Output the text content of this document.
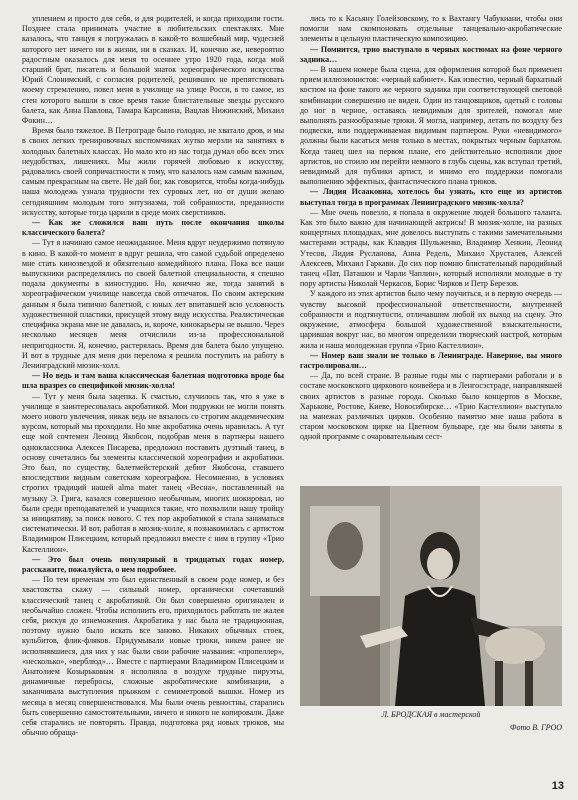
уплением и просто для себя, и для родителей, и когда приходили гости. Позднее стала принимать участие в любительских спектаклях. Мне казалось, что танцуя я погружалась в какой-то волшебный мир, чудесней которого нет ничего ни в жизни, ни в сказках. И, конечно же, невероятно радостным оказалось для меня то осеннее утро 1920 года, когда мой старший брат, писатель и большой знаток хореографического искусства Юрий Слонимский, с согласия родителей, решивших не препятствовать моему стремлению, повел меня в училище на улице Росси, в то самое, из стен которого вышли в свое время такие блистательные звезды русского балета, как Анна Павлова, Тамара Карсавина, Вацлав Нижинский, Михаил Фокин…

Время было тяжелое. В Петрограде было голодно, не хватало дров, и мы в своих легких тренировочных костюмчиках жутко мерзли на занятиях в холодных балетных классах. Но мало кто из нас тогда думал обо всех этих неудобствах, лишениях. Мы жили горячей любовью к искусству, радовались своей сопричастности к тому, что казалось нам самым важным, самым прекрасным на свете. Не дай бог, как говорится, чтобы когда-нибудь наша молодежь узнала трудности тех суровых лет, но от души желаю сегодняшним молодым того энтузиазма, той собранности, преданности искусству, которые тогда царили в среде моих сверстников.

— Как же сложился ваш путь после окончания школы классического балета?

— Тут я начинаю самое неожиданное. Меня вдруг неудержимо потянуло в кино. В какой-то момент я вдруг решила, что самой судьбой определено мне стать кинозвездой и обязательно комедийного плана. Пока все наши выпускники распределялись по своей балетной специальности, я спешно подала документы в киностудию. Но, конечно же, тогда занятий в хореографическом училище навсегда свой отпечаток. По своим актерским данным я была типично балетной, с юных лет впитавшей всю условность художественной пластики, присущей этому виду искусства. Реалистическая специфика экрана мне не давалась, и, короче, кинокарьеры не вышло. Через несколько месяцев меня отчислили из-за профессиональной непригодности. Я, конечно, растерялась. Время для балета было упущено. И вот в трудные для меня дни перелома я решила поступить на работу в Ленинградский мюзик-холл.

— Но ведь и там ваша классическая балетная подготовка вроде бы шла вразрез со спецификой мюзик-холла!

— Тут у меня была зацепка. К счастью, случилось так, что я уже в училище я заинтересовалась акробатикой. Мои подружки не могли понять моего нового увлечения, никак ведь не вязалось со строгим академическим курсом, который мы проходили. Но мне акробатика очень нравилась. А тут еще мой сочтемен Леонид Якобсон, подобрав меня в партнеры нашего одноклассника Алексея Писарева, предложил поставить дуэтный танец, в основу сочетались бы элементы классической хореографии и акробатики. Это был, по существу, балетмейстерский дебют Якобсона, ставшего впоследствии видным советским хореографом. Несомненно, в условиях строгих традиций нашей alma mater танец «Весна», поставленный на музыку Э. Грига, казался совершенно необычным, многих шокировал, но были среди преподавателей и учащихся такие, что похвалили нашу тройцу за инициативу, за поиск нового. С тех пор акробатикой я стала заниматься систематически. И вот, работая в мюзик-холле, я познакомилась с артистом Владимиром Плисецким, который предложил вместе с ним в группу «Трио Кастеллион».

— Это был очень популярный в тридцатых годах номер, расскажите, пожалуйста, о нем подробнее.

— По тем временам это был единственный в своем роде номер, и без хвастовства скажу — сильный номер, органически сочетавший классический танец с акробатикой. Он был совершенно оригинален и необычайно сложен. Чтобы исполнить его, приходилось работать не жалея себя, рискуя до изнеможения. Акробатика у нас была не традиционная, поэтому нужно было искать все заново. Никаких обычных стоек, кульбитов, флик-фляков. Придумывали новые трюки, никем ранее не исполнявшиеся, для них у нас были свои рабочие названия: «пропеллер», «несколько», «верблюд»… Вместе с партнерами Владимиром Плисецким и Анатолием Козырьковым я исполняла в воздухе трудные пируэты, динамичные перебросы, сложные акробатические комбинации, а заканчивала выступления прыжком с семиметровой вышки. Номер из месяца в месяц совершенствовался. Мы были очень ревностны, старались быть совершенно самостоятельными, ничего и никого не копировали. Даже себя старались не повторять. Правда, подготовка ряд новых трюков, мы обычно обраща-

лись то к Касьяну Голейзовскому, то к Вахтангу Чабукиани, чтобы они помогли нам скомпоновать отдельные танцевально-акробатические элементы в цельную пластическую композицию.

— Помнится, трио выступало в черных костюмах на фоне черного задника…

— В нашем номере была сцена, для оформления которой был применен прием иллюзионистов: «черный кабинет». Как известно, черный бархатный костюм на фоне такого же черного задника при соответствующей световой комбинации совершенно не виден. Один из танцовщиков, одетый с головы до ног в черное, оставаясь невидимым для зрителей, помогал мне выполнять разнообразные трюки. Я могла, например, летать по воздуху без подвески, или поддерживаемая видимым партнером. Руки «невидимого» должны были касаться меня только в местах, покрытых черным бархатом. Когда танец шел на первом плане, его действительно исполняли двое артистов, но стоило им перейти немного в глубь сцены, как вступал третий, невидимый для публики артист, и мнимо его поддержки помогали выполнению эффектных, фантастического плана трюков.

— Лидия Исааковна, хотелось бы узнать, кто еще из артистов выступал тогда в программах Ленинградского мюзик-холла?

— Мне очень повезло, я попала в окружение людей большого таланта. Как это было важно для начинающей актрисы! В мюзик-холле, на разных концертных площадках, мне довелось выступать с такими замечательными мастерами эстрады, как Клавдия Шульженко, Владимир Хенкин, Леонид Утесов, Лидия Русланова, Анна Редель, Михаил Хрусталев, Алексей Алексеев, Михаил Гаркави. До сих пор помню блистательный пародийный танец «Пат, Паташон и Чарли Чаплин», который исполняли молодые в ту пору артисты Николай Черкасов, Борис Чирков и Петр Березов.

У каждого из этих артистов было чему поучиться, и в первую очередь — чувству высокой профессиональной ответственности, внутренней собранности и подтянутости, отличавшим любой их выход на сцену. Это окружение, атмосфера большой художественной взыскательности, царившая вокруг нас, во многом определили творческий настрой, которым жила и наша молодежная группа «Трио Кастеллион».

— Номер ваш знали не только в Ленинграде. Наверное, вы много гастролировали…

— Да, по всей стране. В разные годы мы с партнерами работали и в составе московского циркового конвейера и в Ленгосэстраде, направлявшей своих артистов в разные города. Сколько было концертов в Москве, Харькове, Ростове, Киеве, Новосибирске… «Трио Кастеллион» выступало на манежах различных цирков. Особенно памятно мне наша работа в старом московском цирке на Цветном бульваре, где мы были заняты в одной программе с очаровательным сест-

Л. БРОДСКАЯ в мастерской
Фото В. ГРОО
13
